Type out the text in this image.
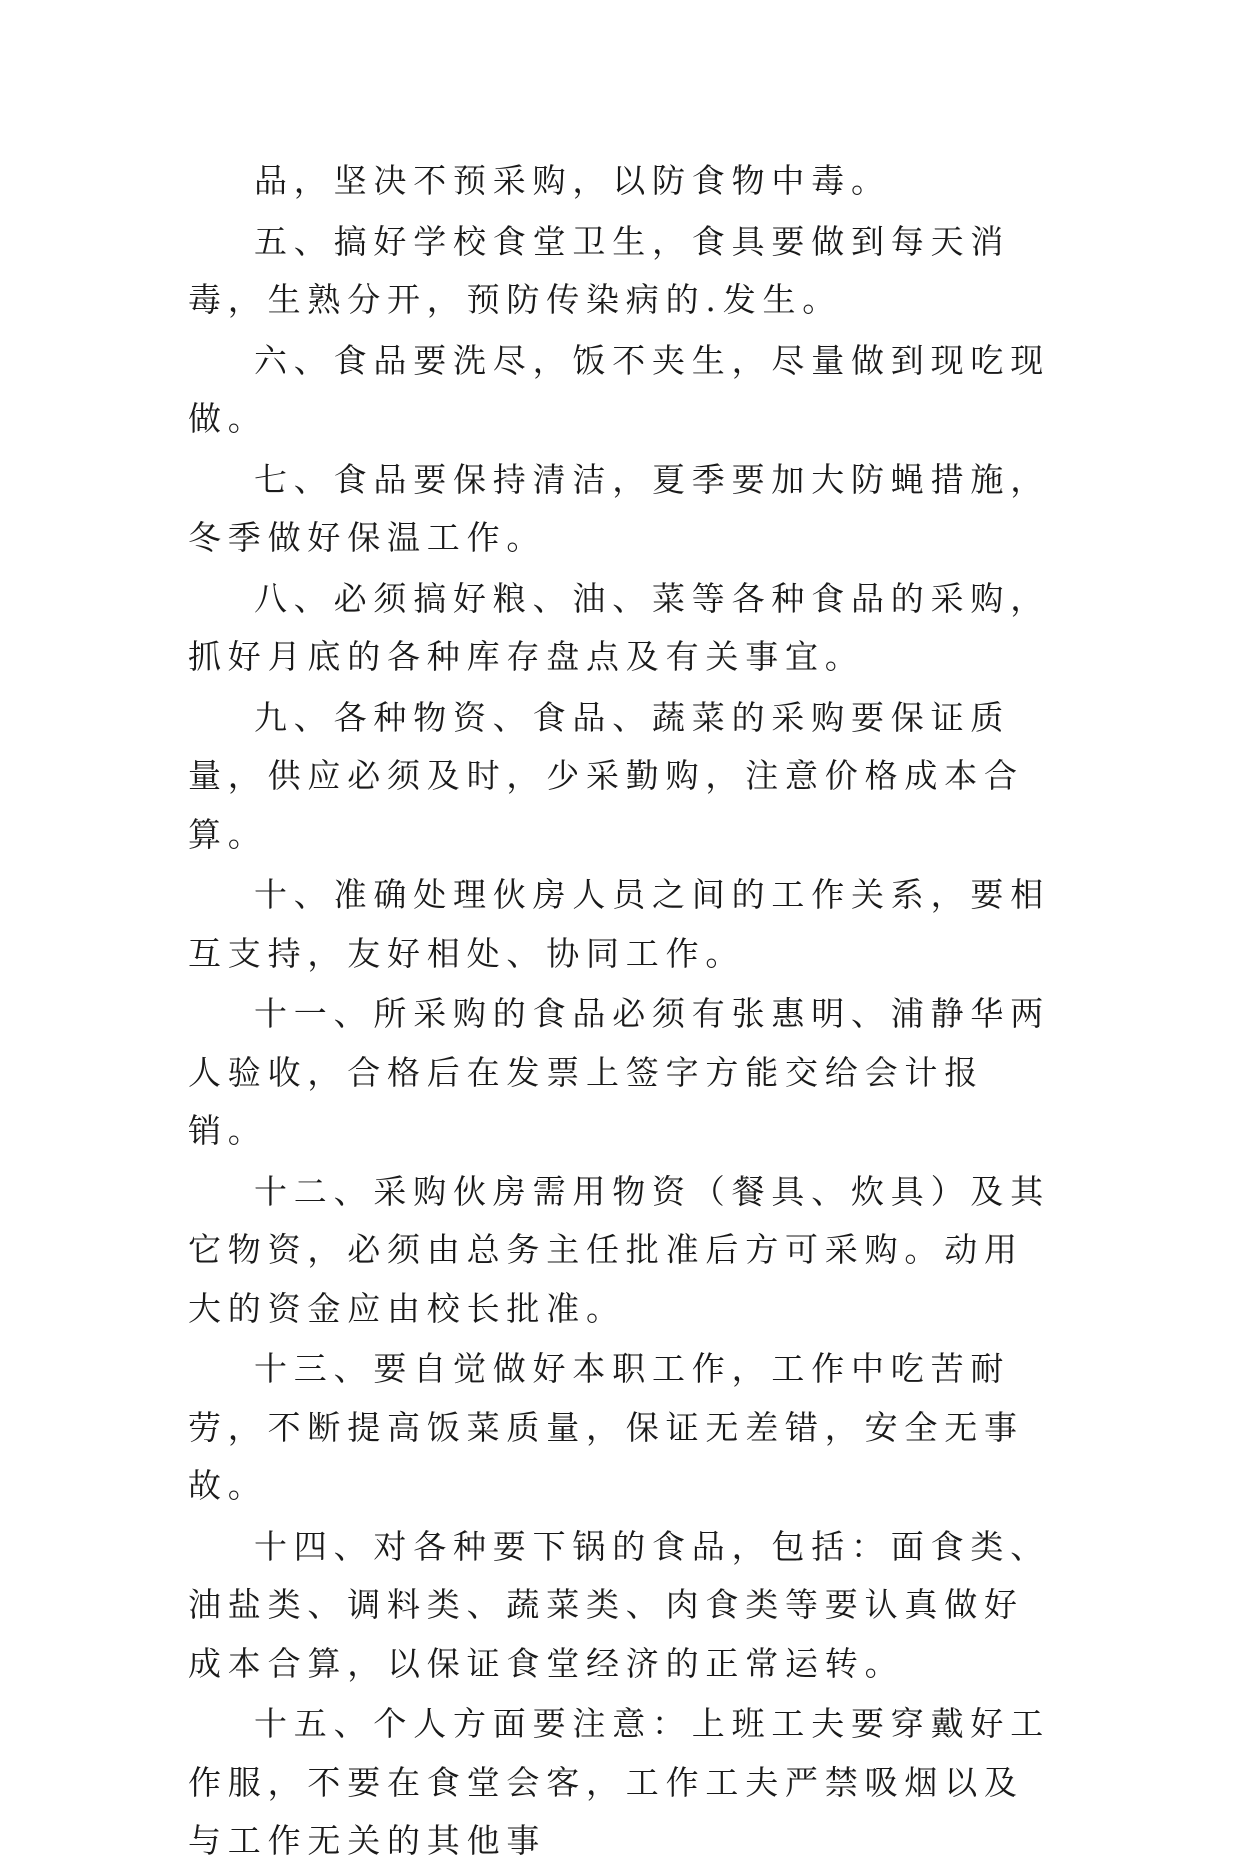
品，坚决不预采购，以防食物中毒。

五、搞好学校食堂卫生，食具要做到每天消毒，生熟分开，预防传染病的.发生。

六、食品要洗尽，饭不夹生，尽量做到现吃现做。

七、食品要保持清洁，夏季要加大防蝇措施，冬季做好保温工作。

八、必须搞好粮、油、菜等各种食品的采购，抓好月底的各种库存盘点及有关事宜。

九、各种物资、食品、蔬菜的采购要保证质量，供应必须及时，少采勤购，注意价格成本合算。

十、准确处理伙房人员之间的工作关系，要相互支持，友好相处、协同工作。

十一、所采购的食品必须有张惠明、浦静华两人验收，合格后在发票上签字方能交给会计报销。

十二、采购伙房需用物资（餐具、炊具）及其它物资，必须由总务主任批准后方可采购。动用大的资金应由校长批准。

十三、要自觉做好本职工作，工作中吃苦耐劳，不断提高饭菜质量，保证无差错，安全无事故。

十四、对各种要下锅的食品，包括：面食类、油盐类、调料类、蔬菜类、肉食类等要认真做好成本合算，以保证食堂经济的正常运转。

十五、个人方面要注意：上班工夫要穿戴好工作服，不要在食堂会客，工作工夫严禁吸烟以及与工作无关的其他事
